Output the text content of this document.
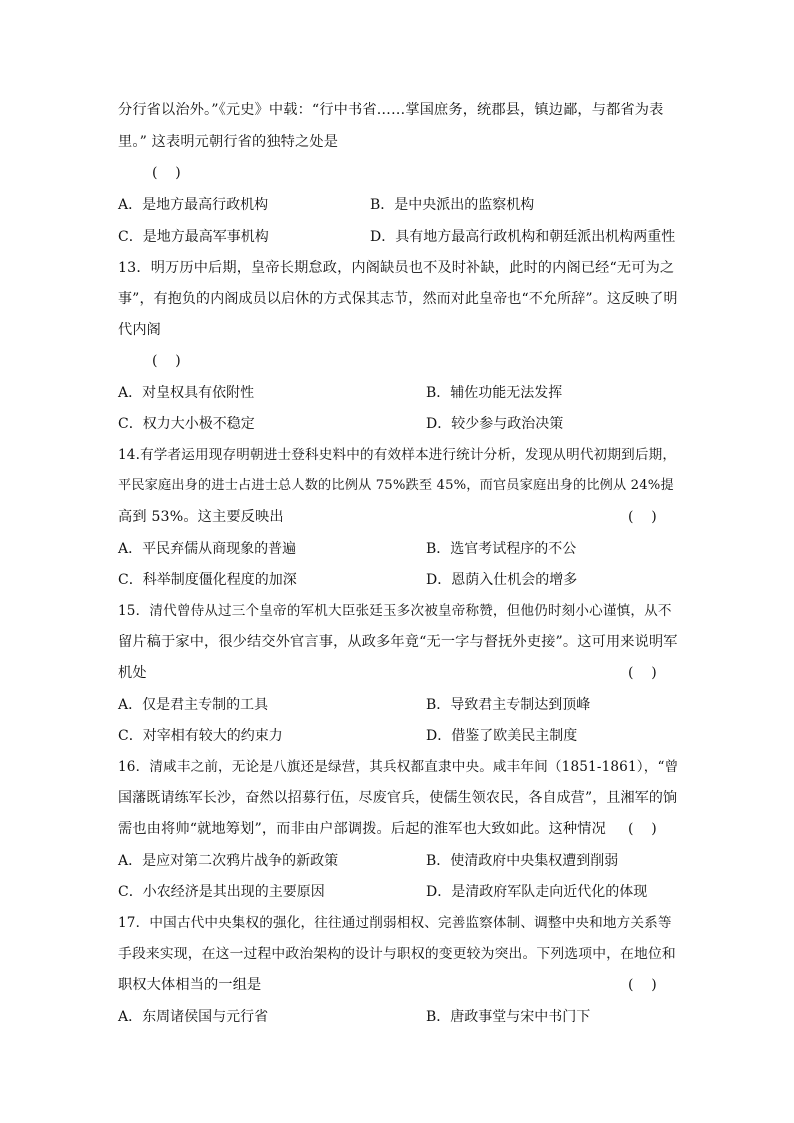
分行省以治外。”《元史》中载：“行中书省……掌国庶务，统郡县，镇边鄙，与都省为表
里。” 这表明元朝行省的独特之处是
(    )
A．是地方最高行政机构	B．是中央派出的监察机构
C．是地方最高军事机构	D．具有地方最高行政机构和朝廷派出机构两重性
13．明万历中后期，皇帝长期怠政，内阁缺员也不及时补缺，此时的内阁已经“无可为之
事”，有抱负的内阁成员以启休的方式保其志节，然而对此皇帝也“不允所辞”。这反映了明
代内阁
(    )
A．对皇权具有依附性	B．辅佐功能无法发挥
C．权力大小极不稳定	D．较少参与政治决策
14.有学者运用现存明朝进士登科史料中的有效样本进行统计分析，发现从明代初期到后期，
平民家庭出身的进士占进士总人数的比例从 75%跌至 45%，而官员家庭出身的比例从 24%提
高到 53%。这主要反映出	(    )
A．平民弃儒从商现象的普遍	B．选官考试程序的不公
C．科举制度僵化程度的加深	D．恩荫入仕机会的增多
15．清代曾侍从过三个皇帝的军机大臣张廷玉多次被皇帝称赞，但他仍时刻小心谨慎，从不
留片稿于家中，很少结交外官言事，从政多年竟“无一字与督抚外吏接”。这可用来说明军
机处	(    )
A．仅是君主专制的工具	B．导致君主专制达到顶峰
C．对宰相有较大的约束力	D．借鉴了欧美民主制度
16．清咸丰之前，无论是八旗还是绿营，其兵权都直隶中央。咸丰年间（1851-1861），“曾
国藩既请练军长沙，奋然以招募行伍，尽废官兵，使儒生领农民，各自成营”，且湘军的饷
需也由将帅“就地筹划”，而非由户部调拨。后起的淮军也大致如此。这种情况	(    )
A．是应对第二次鸦片战争的新政策	B．使清政府中央集权遭到削弱
C．小农经济是其出现的主要原因	D．是清政府军队走向近代化的体现
17．中国古代中央集权的强化，往往通过削弱相权、完善监察体制、调整中央和地方关系等
手段来实现，在这一过程中政治架构的设计与职权的变更较为突出。下列选项中，在地位和
职权大体相当的一组是	(    )
A．东周诸侯国与元行省	B．唐政事堂与宋中书门下
